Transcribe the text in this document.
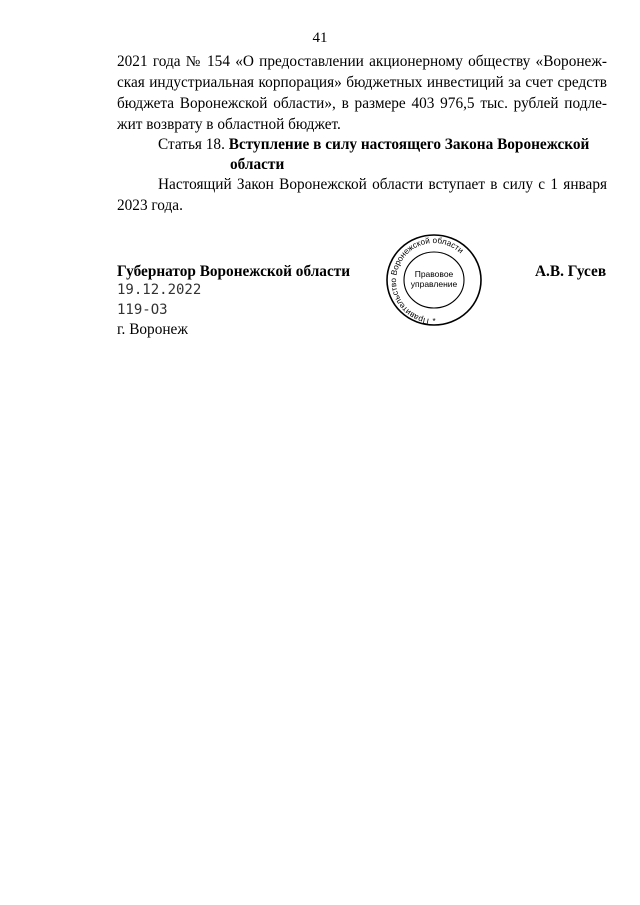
41
2021 года № 154 «О предоставлении акционерному обществу «Воронеж-
ская индустриальная корпорация» бюджетных инвестиций за счет средств
бюджета Воронежской области», в размере 403 976,5 тыс. рублей подле-
жит возврату в областной бюджет.
Статья 18. Вступление в силу настоящего Закона Воронежской
области
Настоящий Закон Воронежской области вступает в силу с 1 января
2023 года.
Губернатор Воронежской области	А.В. Гусев
19.12.2022
119-ОЗ
г. Воронеж
Правительство Воронежской области
Правовое
управление
*
